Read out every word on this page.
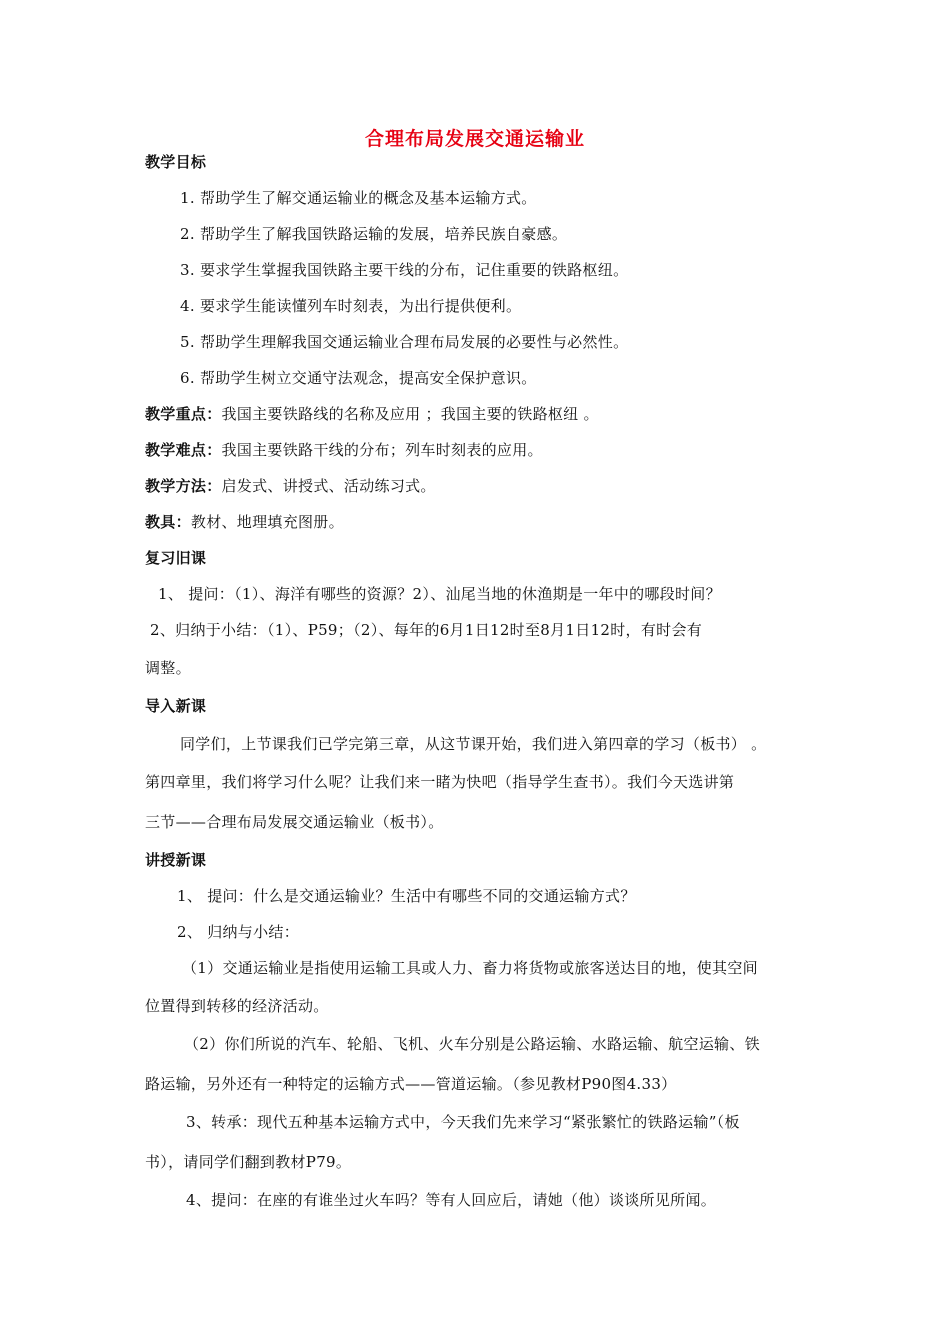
合理布局发展交通运输业
教学目标
1. 帮助学生了解交通运输业的概念及基本运输方式。
2. 帮助学生了解我国铁路运输的发展，培养民族自豪感。
3. 要求学生掌握我国铁路主要干线的分布，记住重要的铁路枢纽。
4. 要求学生能读懂列车时刻表，为出行提供便利。
5. 帮助学生理解我国交通运输业合理布局发展的必要性与必然性。
6. 帮助学生树立交通守法观念，提高安全保护意识。
教学重点：我国主要铁路线的名称及应用 ；我国主要的铁路枢纽 。
教学难点：我国主要铁路干线的分布；列车时刻表的应用。
教学方法：启发式、讲授式、活动练习式。
教具：教材、地理填充图册。
复习旧课
1、 提问：（1）、海洋有哪些的资源？2）、汕尾当地的休渔期是一年中的哪段时间？
2、归纳于小结：（1）、P59；（2）、每年的6月1日12时至8月1日12时，有时会有
调整。
导入新课
同学们，上节课我们已学完第三章，从这节课开始，我们进入第四章的学习（板书） 。
第四章里，我们将学习什么呢？让我们来一睹为快吧（指导学生查书）。我们今天选讲第
三节——合理布局发展交通运输业（板书）。
讲授新课
1、 提问：什么是交通运输业？生活中有哪些不同的交通运输方式？
2、 归纳与小结：
（1）交通运输业是指使用运输工具或人力、畜力将货物或旅客送达目的地，使其空间
位置得到转移的经济活动。
（2）你们所说的汽车、轮船、飞机、火车分别是公路运输、水路运输、航空运输、铁
路运输，另外还有一种特定的运输方式——管道运输。（参见教材P90图4.33）
3、转承：现代五种基本运输方式中，今天我们先来学习“紧张繁忙的铁路运输”（板
书），请同学们翻到教材P79。
4、提问：在座的有谁坐过火车吗？等有人回应后，请她（他）谈谈所见所闻。
